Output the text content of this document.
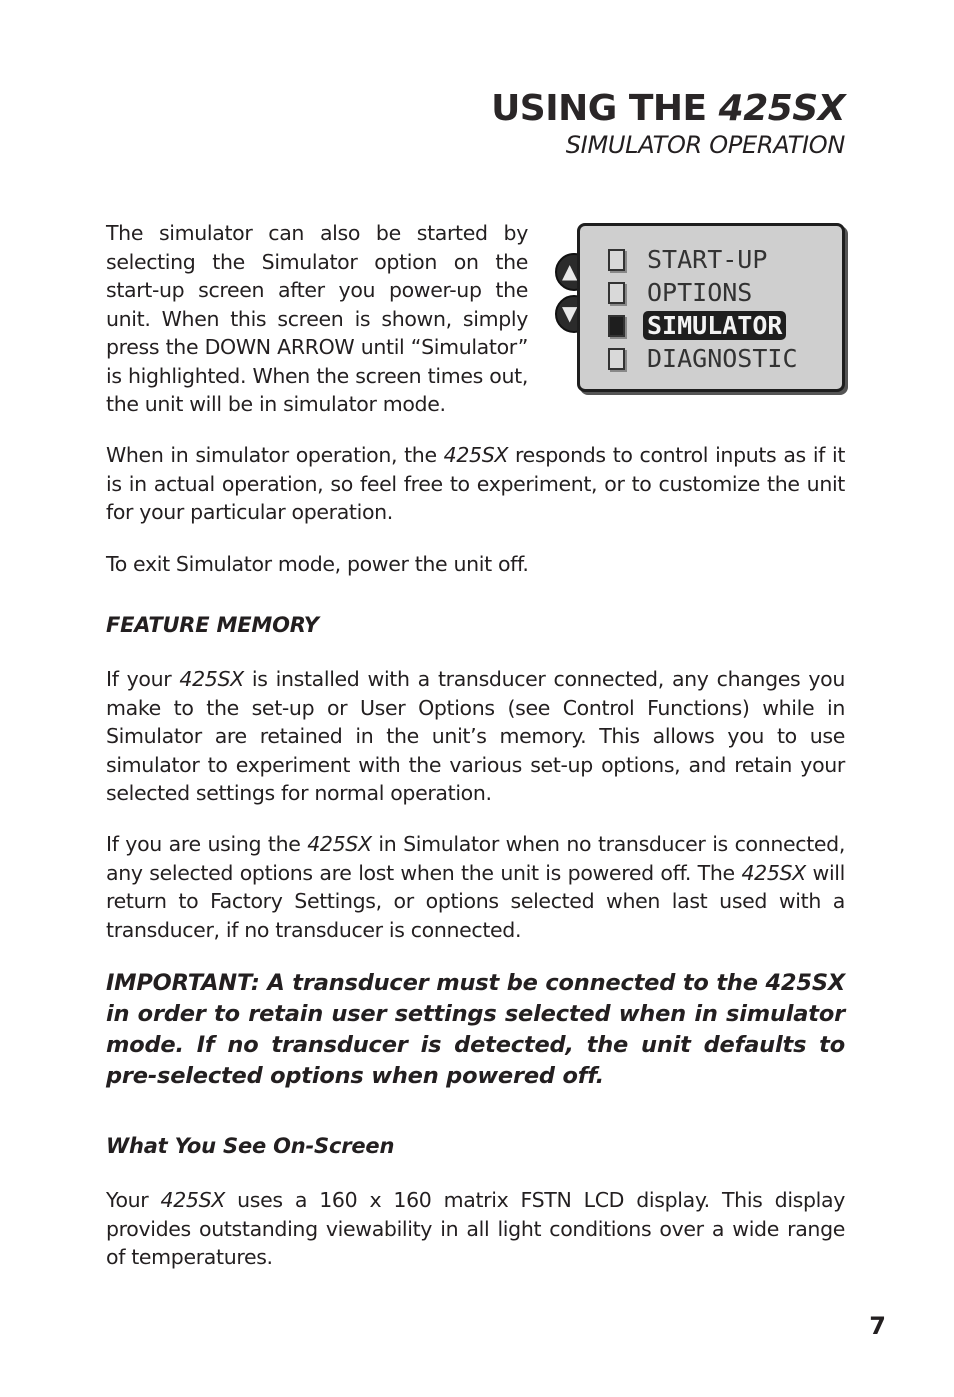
USING THE 425SX
SIMULATOR OPERATION

The simulator can also be started by selecting the Simulator option on the start-up screen after you power-up the unit. When this screen is shown, simply press the DOWN ARROW until “Simulator” is highlighted. When the screen times out, the unit will be in simulator mode.

▲
▼
START-UP
OPTIONS
SIMULATOR
DIAGNOSTIC

When in simulator operation, the 425SX responds to control inputs as if it is in actual operation, so feel free to experiment, or to customize the unit for your particular operation.

To exit Simulator mode, power the unit off.

FEATURE MEMORY

If your 425SX is installed with a transducer connected, any changes you make to the set-up or User Options (see Control Functions) while in Simulator are retained in the unit’s memory. This allows you to use simulator to experiment with the various set-up options, and retain your selected settings for normal operation.

If you are using the 425SX in Simulator when no transducer is connected, any selected options are lost when the unit is powered off. The 425SX will return to Factory Settings, or options selected when last used with a transducer, if no transducer is connected.

IMPORTANT: A transducer must be connected to the 425SX in order to retain user settings selected when in simulator mode. If no transducer is detected, the unit defaults to pre-selected options when powered off.

What You See On-Screen

Your 425SX uses a 160 x 160 matrix FSTN LCD display. This display provides outstanding viewability in all light conditions over a wide range of temperatures.

7
